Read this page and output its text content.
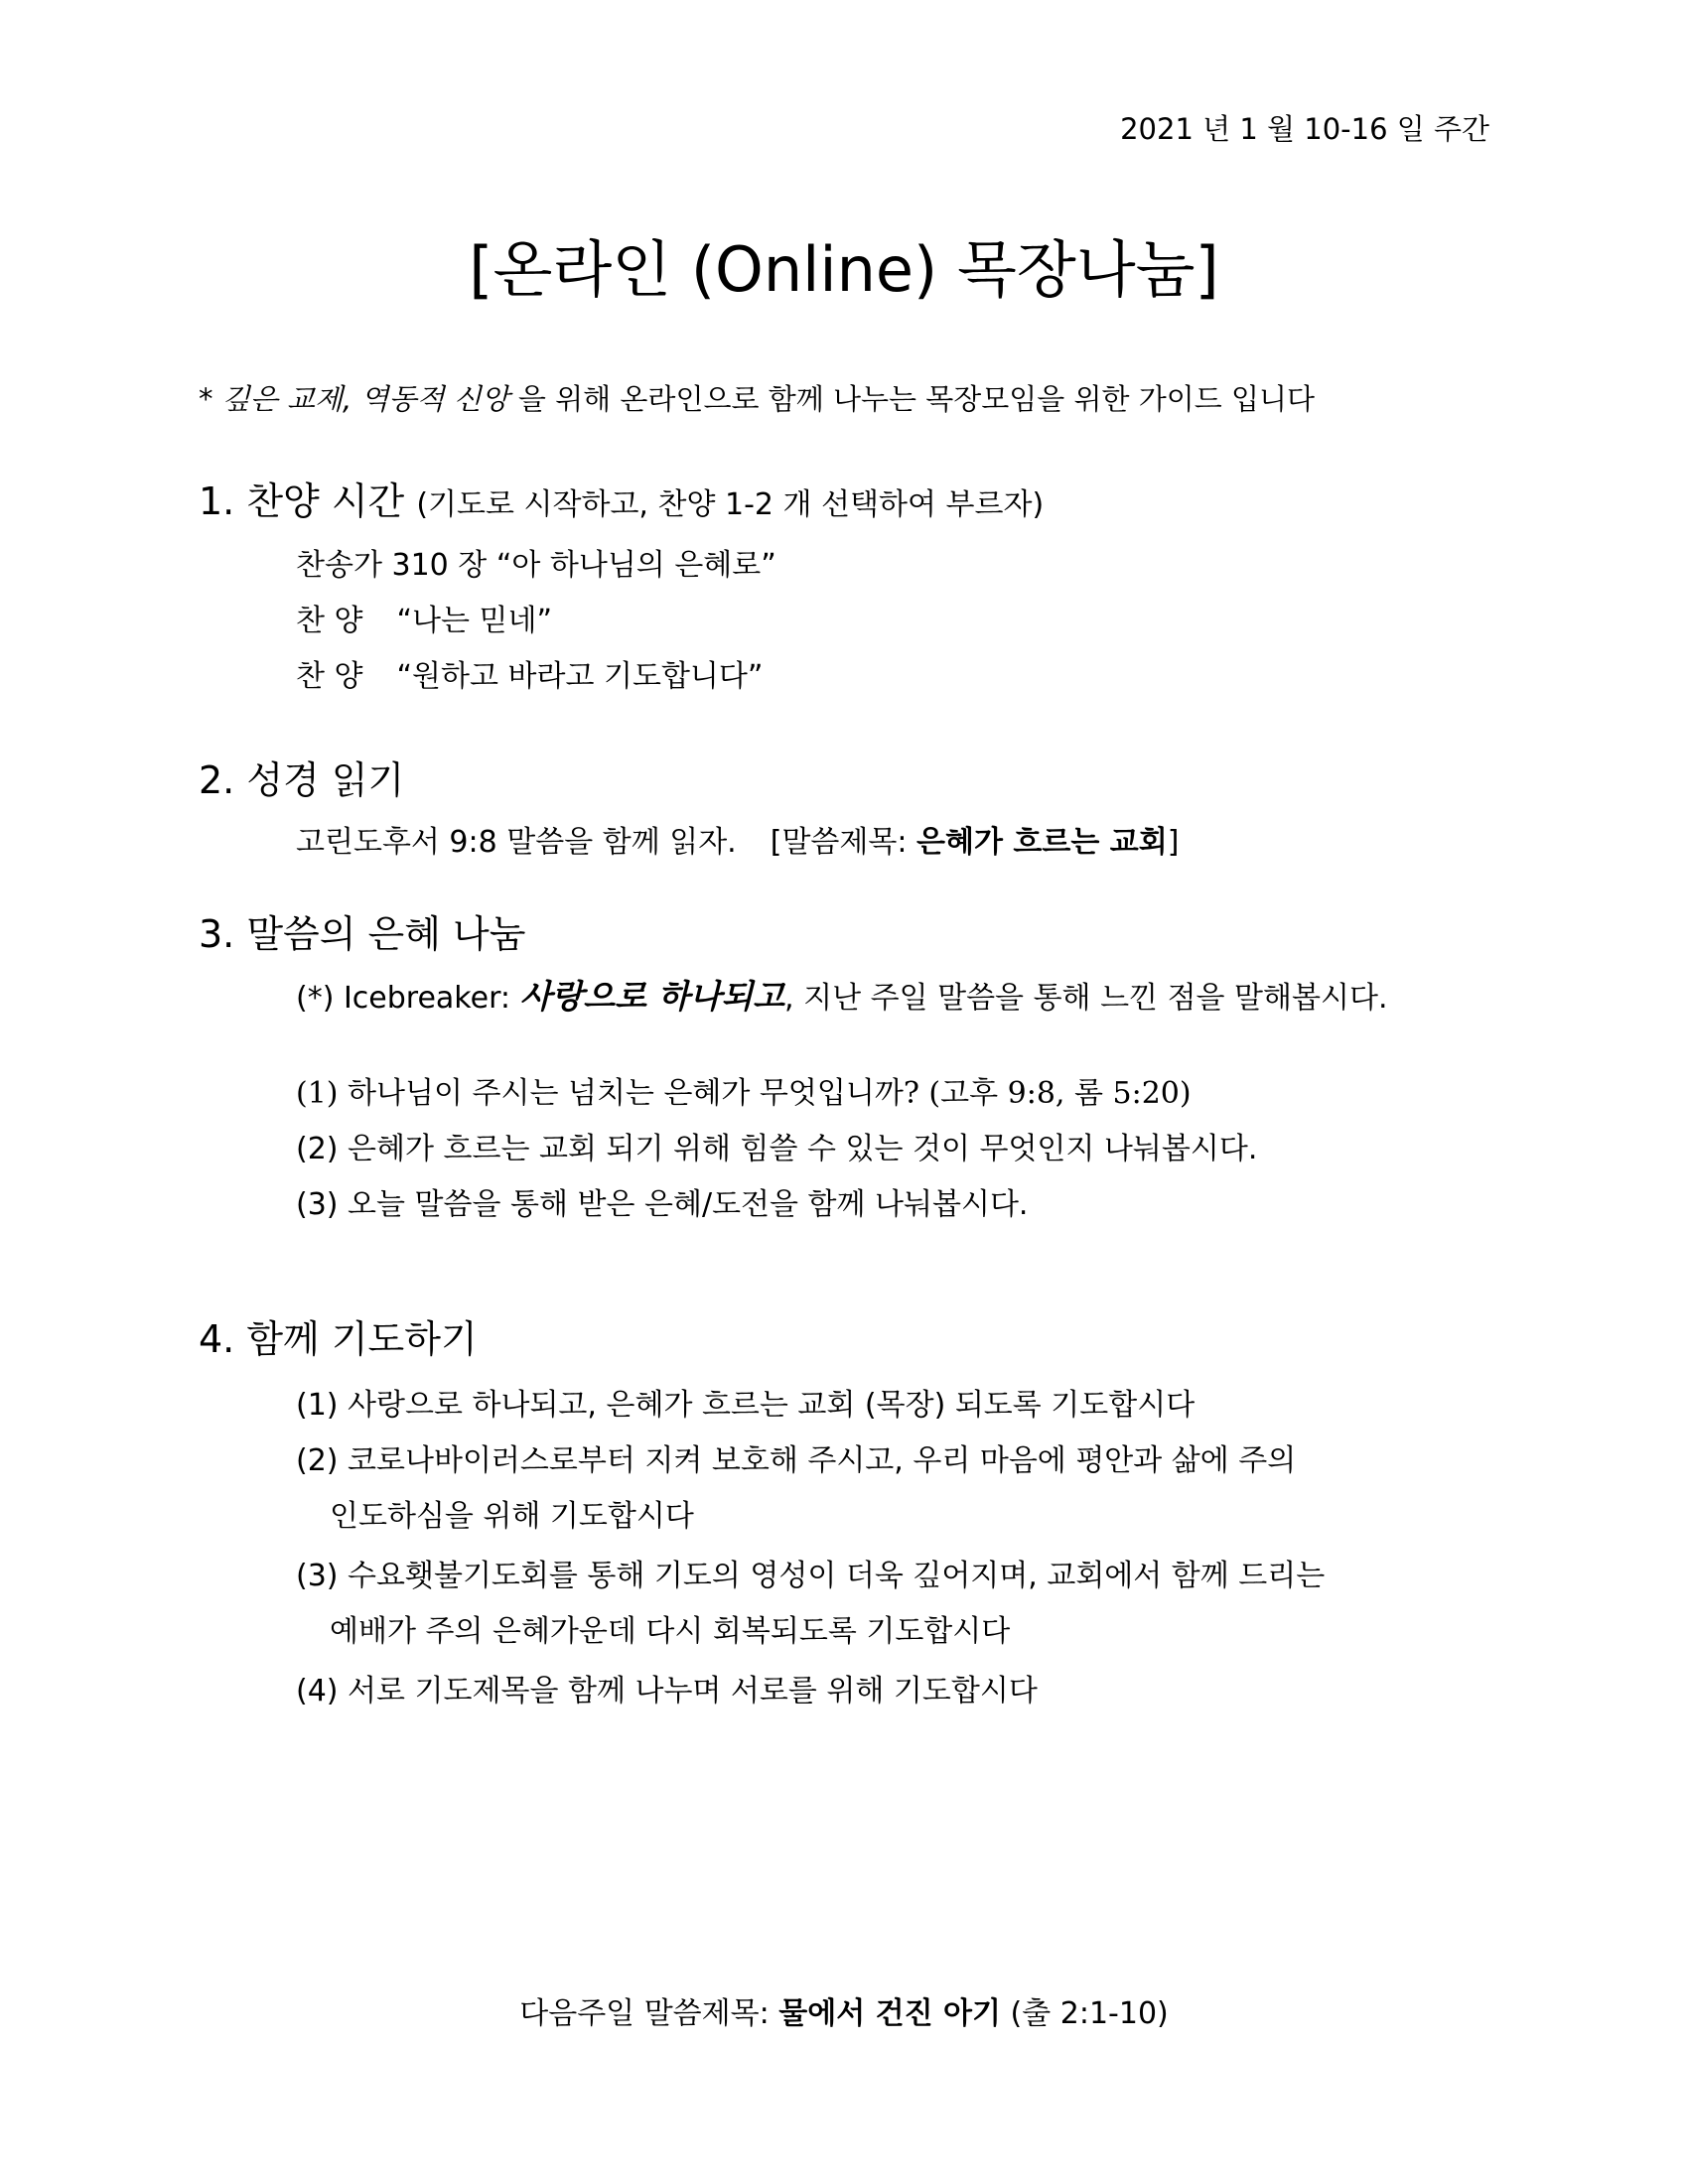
2021 년 1 월 10-16 일 주간
[온라인 (Online) 목장나눔]
* 깊은 교제, 역동적 신앙 을 위해 온라인으로 함께 나누는 목장모임을 위한 가이드 입니다
1. 찬양 시간 (기도로 시작하고, 찬양 1-2 개 선택하여 부르자)
찬송가 310 장 “아 하나님의 은혜로”
찬 양 “나는 믿네”
찬 양 “원하고 바라고 기도합니다”
2. 성경 읽기
고린도후서 9:8 말씀을 함께 읽자. [말씀제목: 은혜가 흐르는 교회]
3. 말씀의 은혜 나눔
(*) Icebreaker: 사랑으로 하나되고, 지난 주일 말씀을 통해 느낀 점을 말해봅시다.
(1) 하나님이 주시는 넘치는 은혜가 무엇입니까? (고후 9:8, 롬 5:20)
(2) 은혜가 흐르는 교회 되기 위해 힘쓸 수 있는 것이 무엇인지 나눠봅시다.
(3) 오늘 말씀을 통해 받은 은혜/도전을 함께 나눠봅시다.
4. 함께 기도하기
(1) 사랑으로 하나되고, 은혜가 흐르는 교회 (목장) 되도록 기도합시다
(2) 코로나바이러스로부터 지켜 보호해 주시고, 우리 마음에 평안과 삶에 주의
인도하심을 위해 기도합시다
(3) 수요횃불기도회를 통해 기도의 영성이 더욱 깊어지며, 교회에서 함께 드리는
예배가 주의 은혜가운데 다시 회복되도록 기도합시다
(4) 서로 기도제목을 함께 나누며 서로를 위해 기도합시다
다음주일 말씀제목: 물에서 건진 아기 (출 2:1-10)
